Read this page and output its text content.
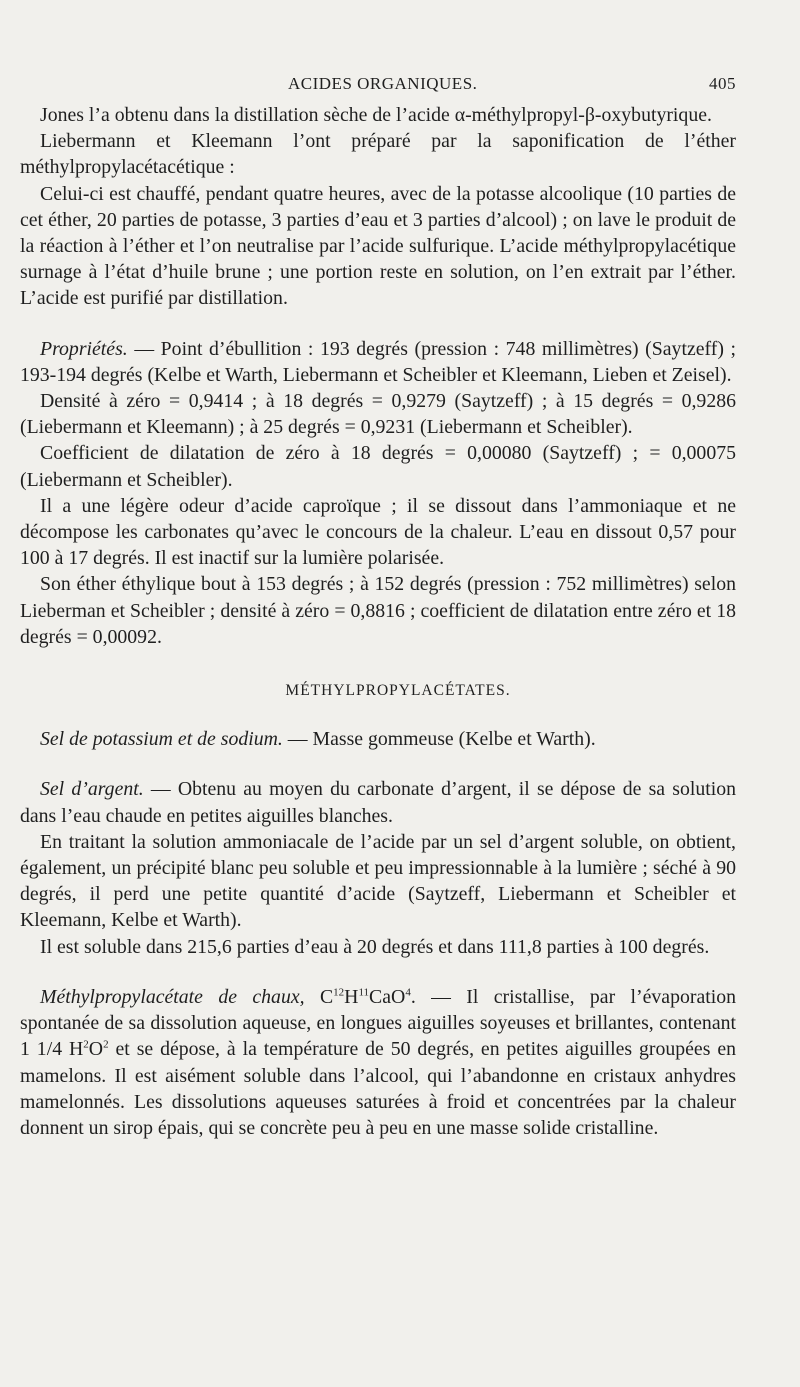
ACIDES ORGANIQUES.	405

Jones l’a obtenu dans la distillation sèche de l’acide α-méthylpropyl-β-oxybutyrique.

Liebermann et Kleemann l’ont préparé par la saponification de l’éther méthylpropylacétacétique :

Celui-ci est chauffé, pendant quatre heures, avec de la potasse alcoolique (10 parties de cet éther, 20 parties de potasse, 3 parties d’eau et 3 parties d’alcool) ; on lave le produit de la réaction à l’éther et l’on neutralise par l’acide sulfurique. L’acide méthylpropylacétique surnage à l’état d’huile brune ; une portion reste en solution, on l’en extrait par l’éther. L’acide est purifié par distillation.

Propriétés. — Point d’ébullition : 193 degrés (pression : 748 millimètres) (Saytzeff) ; 193-194 degrés (Kelbe et Warth, Liebermann et Scheibler et Kleemann, Lieben et Zeisel).

Densité à zéro = 0,9414 ; à 18 degrés = 0,9279 (Saytzeff) ; à 15 degrés = 0,9286 (Liebermann et Kleemann) ; à 25 degrés = 0,9231 (Liebermann et Scheibler).

Coefficient de dilatation de zéro à 18 degrés = 0,00080 (Saytzeff) ; = 0,00075 (Liebermann et Scheibler).

Il a une légère odeur d’acide caproïque ; il se dissout dans l’ammoniaque et ne décompose les carbonates qu’avec le concours de la chaleur. L’eau en dissout 0,57 pour 100 à 17 degrés. Il est inactif sur la lumière polarisée.

Son éther éthylique bout à 153 degrés ; à 152 degrés (pression : 752 millimètres) selon Lieberman et Scheibler ; densité à zéro = 0,8816 ; coefficient de dilatation entre zéro et 18 degrés = 0,00092.

MÉTHYLPROPYLACÉTATES.

Sel de potassium et de sodium. — Masse gommeuse (Kelbe et Warth).

Sel d’argent. — Obtenu au moyen du carbonate d’argent, il se dépose de sa solution dans l’eau chaude en petites aiguilles blanches.

En traitant la solution ammoniacale de l’acide par un sel d’argent soluble, on obtient, également, un précipité blanc peu soluble et peu impressionnable à la lumière ; séché à 90 degrés, il perd une petite quantité d’acide (Saytzeff, Liebermann et Scheibler et Kleemann, Kelbe et Warth).

Il est soluble dans 215,6 parties d’eau à 20 degrés et dans 111,8 parties à 100 degrés.

Méthylpropylacétate de chaux, $C^{12}H^{11}CaO^4$. — Il cristallise, par l’évaporation spontanée de sa dissolution aqueuse, en longues aiguilles soyeuses et brillantes, contenant 1 1/4 $H^2O^2$ et se dépose, à la température de 50 degrés, en petites aiguilles groupées en mamelons. Il est aisément soluble dans l’alcool, qui l’abandonne en cristaux anhydres mamelonnés. Les dissolutions aqueuses saturées à froid et concentrées par la chaleur donnent un sirop épais, qui se concrète peu à peu en une masse solide cristalline.
